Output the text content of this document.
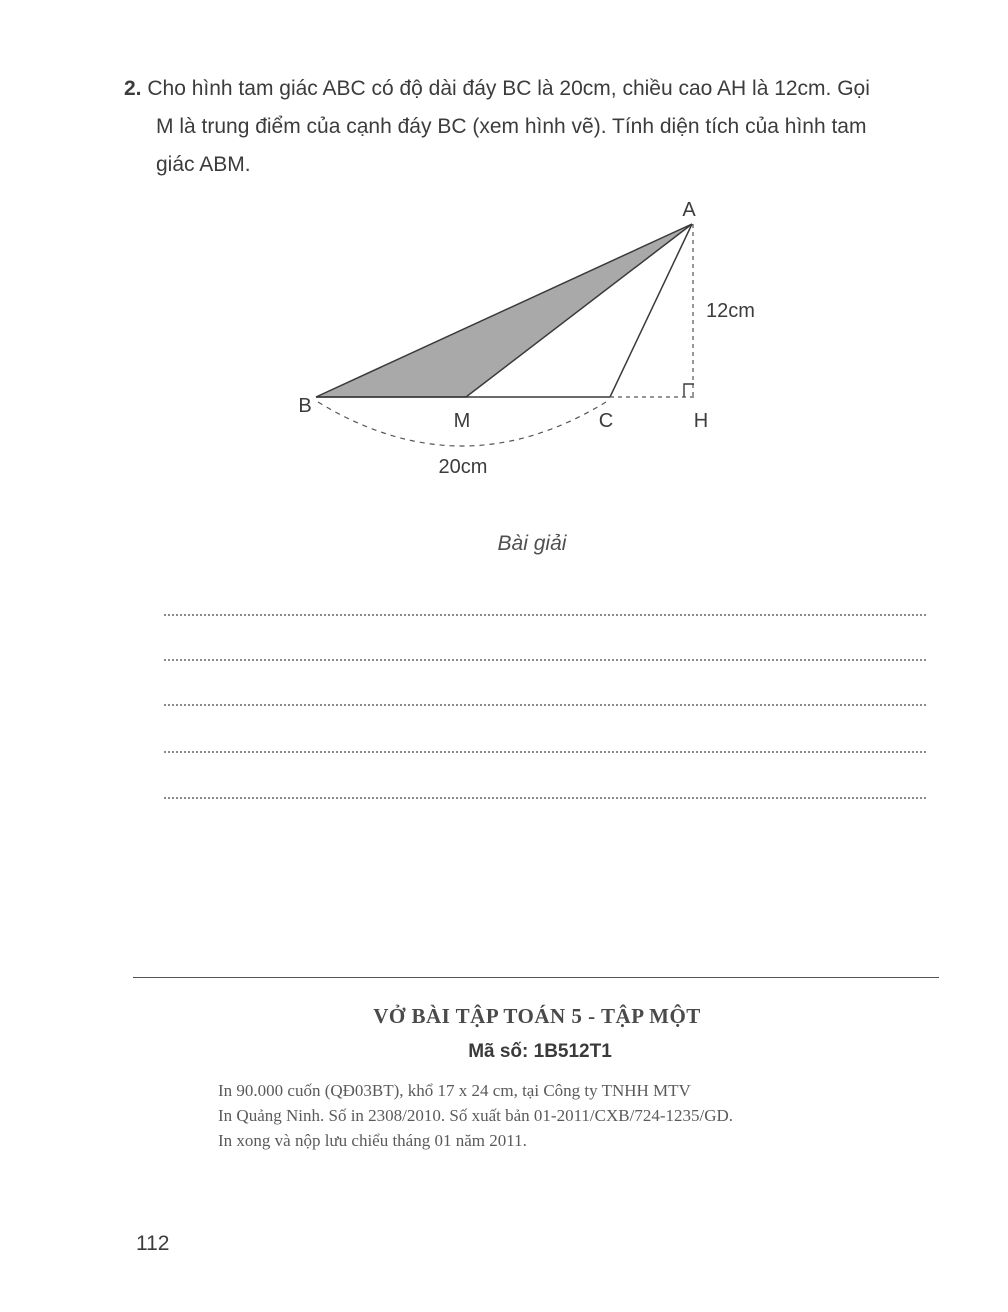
2. Cho hình tam giác ABC có độ dài đáy BC là 20cm, chiều cao AH là 12cm. Gọi
M là trung điểm của cạnh đáy BC (xem hình vẽ). Tính diện tích của hình tam
giác ABM.
A
B
M	C	H
12cm
20cm
Bài giải
VỞ BÀI TẬP TOÁN 5 - TẬP MỘT
Mã số: 1B512T1
In 90.000 cuốn (QĐ03BT), khổ 17 x 24 cm, tại Công ty TNHH MTV
In Quảng Ninh. Số in 2308/2010. Số xuất bản 01-2011/CXB/724-1235/GD.
In xong và nộp lưu chiểu tháng 01 năm 2011.
112
